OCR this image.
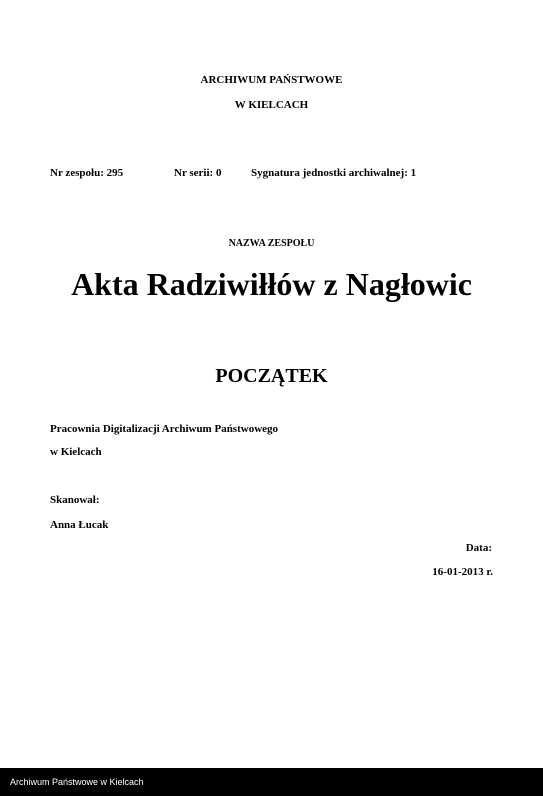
ARCHIWUM PAŃSTWOWE
W KIELCACH
Nr zespołu: 295	Nr serii: 0	Sygnatura jednostki archiwalnej: 1
NAZWA ZESPOŁU
Akta Radziwiłłów z Nagłowic
POCZĄTEK
Pracownia Digitalizacji Archiwum Państwowego
w Kielcach
Skanował:
Anna Łucak
Data:
16-01-2013 r.
Archiwum Państwowe w Kielcach
